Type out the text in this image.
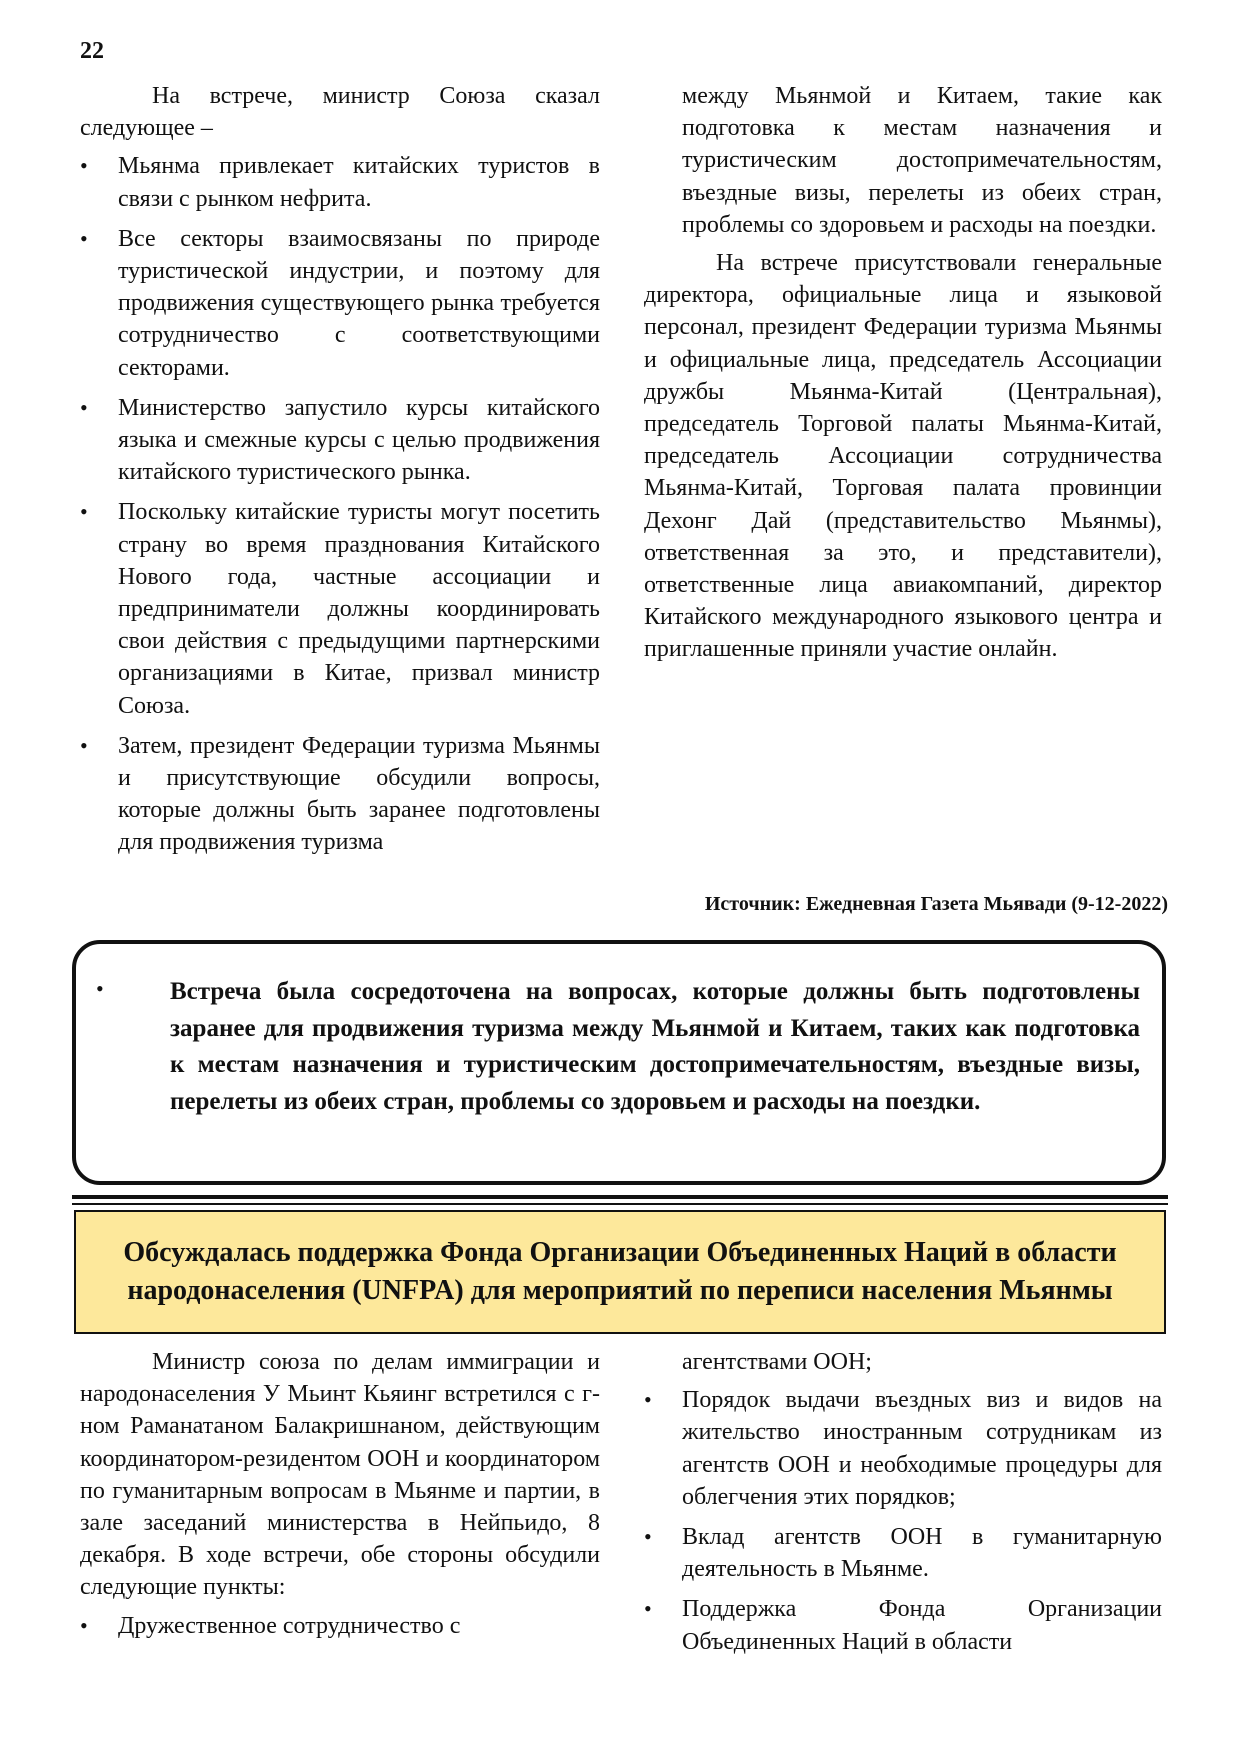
22

На встрече, министр Союза сказал следующее –

•	Мьянма привлекает китайских туристов в связи с рынком нефрита.
•	Все секторы взаимосвязаны по природе туристической индустрии, и поэтому для продвижения существующего рынка требуется сотрудничество с соответствующими секторами.
•	Министерство запустило курсы китайского языка и смежные курсы с целью продвижения китайского туристического рынка.
•	Поскольку китайские туристы могут посетить страну во время празднования Китайского Нового года, частные ассоциации и предприниматели должны координировать свои действия с предыдущими партнерскими организациями в Китае, призвал министр Союза.
•	Затем, президент Федерации туризма Мьянмы и присутствующие обсудили вопросы, которые должны быть заранее подготовлены для продвижения туризма

между Мьянмой и Китаем, такие как подготовка к местам назначения и туристическим достопримечательностям, въездные визы, перелеты из обеих стран, проблемы со здоровьем и расходы на поездки.

На встрече присутствовали генеральные директора, официальные лица и языковой персонал, президент Федерации туризма Мьянмы и официальные лица, председатель Ассоциации дружбы Мьянма-Китай (Центральная), председатель Торговой палаты Мьянма-Китай, председатель Ассоциации сотрудничества Мьянма-Китай, Торговая палата провинции Дехонг Дай (представительство Мьянмы), ответственная за это, и представители), ответственные лица авиакомпаний, директор Китайского международного языкового центра и приглашенные приняли участие онлайн.

Источник: Ежедневная Газета Мьявади (9-12-2022)
•	Встреча была сосредоточена на вопросах, которые должны быть подготовлены заранее для продвижения туризма между Мьянмой и Китаем, таких как подготовка к местам назначения и туристическим достопримечательностям, въездные визы, перелеты из обеих стран, проблемы со здоровьем и расходы на поездки.

Обсуждалась поддержка Фонда Организации Объединенных Наций в области народонаселения (UNFPA) для мероприятий по переписи населения Мьянмы

Министр союза по делам иммиграции и народонаселения У Мьинт Кьяинг встретился с г-ном Раманатаном Балакришнаном, действующим координатором-резидентом ООН и координатором по гуманитарным вопросам в Мьянме и партии, в зале заседаний министерства в Нейпьидо, 8 декабря. В ходе встречи, обе стороны обсудили следующие пункты:

•	Дружественное сотрудничество с

агентствами ООН;

•	Порядок выдачи въездных виз и видов на жительство иностранным сотрудникам из агентств ООН и необходимые процедуры для облегчения этих порядков;
•	Вклад агентств ООН в гуманитарную деятельность в Мьянме.
•	Поддержка Фонда Организации Объединенных Наций в области
